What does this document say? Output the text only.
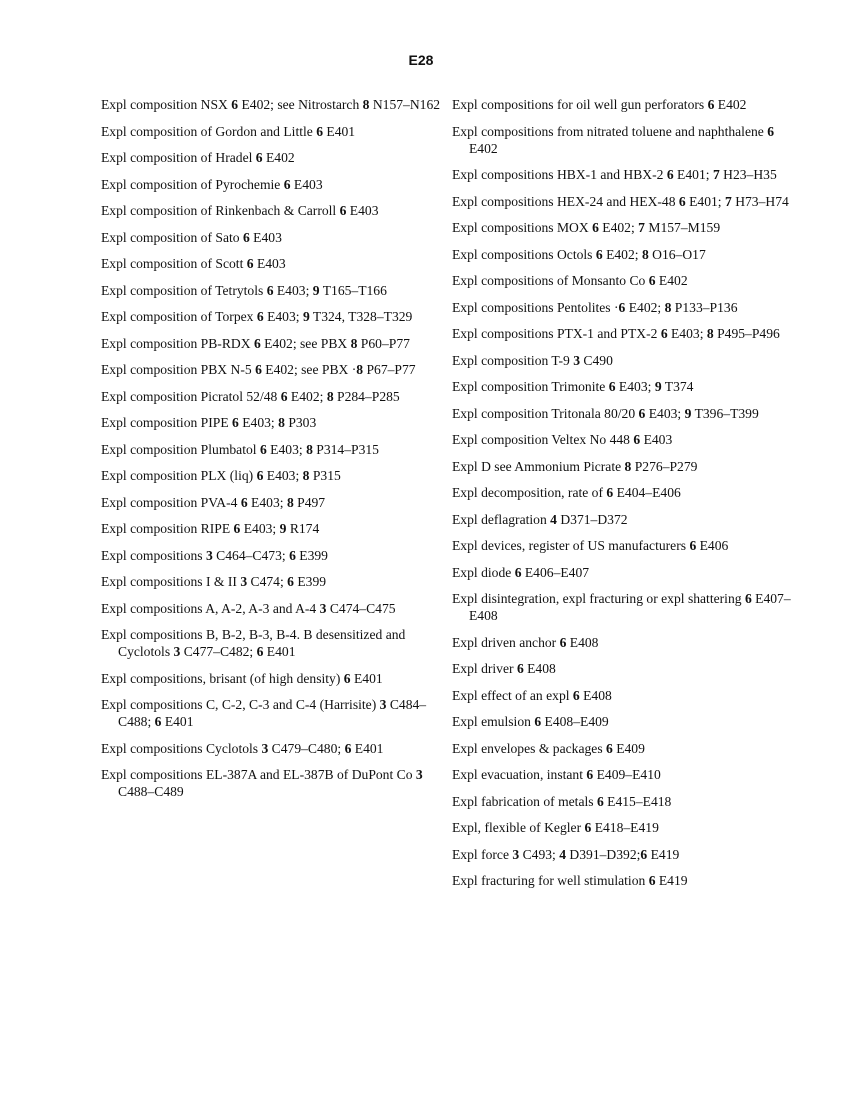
E28
Expl composition NSX 6 E402; see Nitrostarch 8 N157–N162
Expl composition of Gordon and Little 6 E401
Expl composition of Hradel 6 E402
Expl composition of Pyrochemie 6 E403
Expl composition of Rinkenbach & Carroll 6 E403
Expl composition of Sato 6 E403
Expl composition of Scott 6 E403
Expl composition of Tetrytols 6 E403; 9 T165–T166
Expl composition of Torpex 6 E403; 9 T324, T328–T329
Expl composition PB-RDX 6 E402; see PBX 8 P60–P77
Expl composition PBX N-5 6 E402; see PBX ·8 P67–P77
Expl composition Picratol 52/48 6 E402; 8 P284–P285
Expl composition PIPE 6 E403; 8 P303
Expl composition Plumbatol 6 E403; 8 P314–P315
Expl composition PLX (liq) 6 E403; 8 P315
Expl composition PVA-4 6 E403; 8 P497
Expl composition RIPE 6 E403; 9 R174
Expl compositions 3 C464–C473; 6 E399
Expl compositions I & II 3 C474; 6 E399
Expl compositions A, A-2, A-3 and A-4 3 C474–C475
Expl compositions B, B-2, B-3, B-4. B desensitized and Cyclotols 3 C477–C482; 6 E401
Expl compositions, brisant (of high density) 6 E401
Expl compositions C, C-2, C-3 and C-4 (Harrisite) 3 C484–C488; 6 E401
Expl compositions Cyclotols 3 C479–C480; 6 E401
Expl compositions EL-387A and EL-387B of DuPont Co 3 C488–C489
Expl compositions for oil well gun perforators 6 E402
Expl compositions from nitrated toluene and naphthalene 6 E402
Expl compositions HBX-1 and HBX-2 6 E401; 7 H23–H35
Expl compositions HEX-24 and HEX-48 6 E401; 7 H73–H74
Expl compositions MOX 6 E402; 7 M157–M159
Expl compositions Octols 6 E402; 8 O16–O17
Expl compositions of Monsanto Co 6 E402
Expl compositions Pentolites ·6 E402; 8 P133–P136
Expl compositions PTX-1 and PTX-2 6 E403; 8 P495–P496
Expl composition T-9 3 C490
Expl composition Trimonite 6 E403; 9 T374
Expl composition Tritonala 80/20 6 E403; 9 T396–T399
Expl composition Veltex No 448 6 E403
Expl D see Ammonium Picrate 8 P276–P279
Expl decomposition, rate of 6 E404–E406
Expl deflagration 4 D371–D372
Expl devices, register of US manufacturers 6 E406
Expl diode 6 E406–E407
Expl disintegration, expl fracturing or expl shattering 6 E407–E408
Expl driven anchor 6 E408
Expl driver 6 E408
Expl effect of an expl 6 E408
Expl emulsion 6 E408–E409
Expl envelopes & packages 6 E409
Expl evacuation, instant 6 E409–E410
Expl fabrication of metals 6 E415–E418
Expl, flexible of Kegler 6 E418–E419
Expl force 3 C493; 4 D391–D392;6 E419
Expl fracturing for well stimulation 6 E419
